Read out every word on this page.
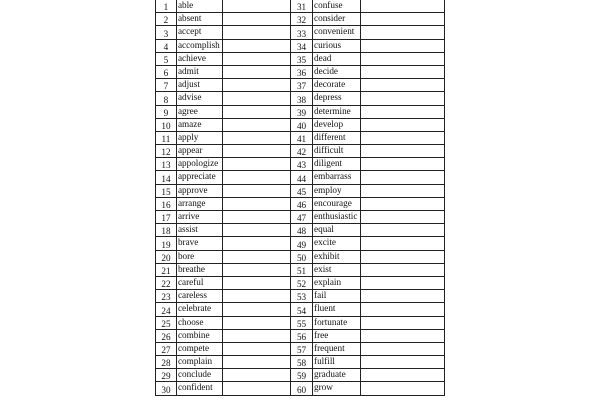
1	able		31	confuse	
2	absent		32	consider	
3	accept		33	convenient	
4	accomplish		34	curious	
5	achieve		35	dead	
6	admit		36	decide	
7	adjust		37	decorate	
8	advise		38	depress	
9	agree		39	determine	
10	amaze		40	develop	
11	apply		41	different	
12	appear		42	difficult	
13	appologize		43	diligent	
14	appreciate		44	embarrass	
15	approve		45	employ	
16	arrange		46	encourage	
17	arrive		47	enthusiastic	
18	assist		48	equal	
19	brave		49	excite	
20	bore		50	exhibit	
21	breathe		51	exist	
22	careful		52	explain	
23	careless		53	fail	
24	celebrate		54	fluent	
25	choose		55	fortunate	
26	combine		56	free	
27	compete		57	frequent	
28	complain		58	fulfill	
29	conclude		59	graduate	
30	confident		60	grow	
